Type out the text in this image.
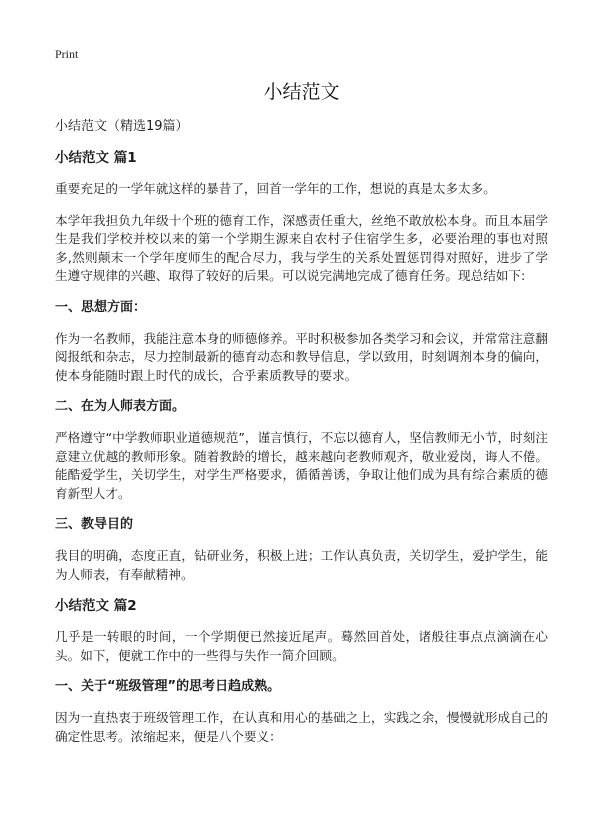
Print
小结范文
小结范文（精选19篇）
小结范文 篇1
重要充足的一学年就这样的暴昔了，回首一学年的工作，想说的真是太多太多。
本学年我担负九年级十个班的德育工作，深感责任重大，丝绝不敢放松本身。而且本届学生是我们学校并校以来的第一个学期生源来自农村子住宿学生多，必要治理的事也对照多,然则颠末一个学年度师生的配合尽力，我与学生的关系处置惩罚得对照好，进步了学生遵守规律的兴趣、取得了较好的后果。可以说完满地完成了德育任务。现总结如下:
一、思想方面：
作为一名教师，我能注意本身的师德修养。平时积极参加各类学习和会议，并常常注意翻阅报纸和杂志，尽力控制最新的德育动态和教导信息，学以致用，时刻调剂本身的偏向，使本身能随时跟上时代的成长，合乎素质教导的要求。
二、在为人师表方面。
严格遵守“中学教师职业道德规范”，谨言慎行，不忘以德育人，坚信教师无小节，时刻注意建立优越的教师形象。随着教龄的增长，越来越向老教师观齐，敬业爱岗，诲人不倦。能酷爱学生，关切学生，对学生严格要求，循循善诱，争取让他们成为具有综合素质的德育新型人才。
三、教导目的
我目的明确，态度正直，钻研业务，积极上进；工作认真负责，关切学生，爱护学生，能为人师表，有奉献精神。
小结范文 篇2
几乎是一转眼的时间，一个学期便已然接近尾声。蓦然回首处，诸般往事点点滴滴在心头。如下，便就工作中的一些得与失作一简介回顾。
一、关于“班级管理”的思考日趋成熟。
因为一直热衷于班级管理工作，在认真和用心的基础之上，实践之余，慢慢就形成自己的确定性思考。浓缩起来，便是八个要义：
